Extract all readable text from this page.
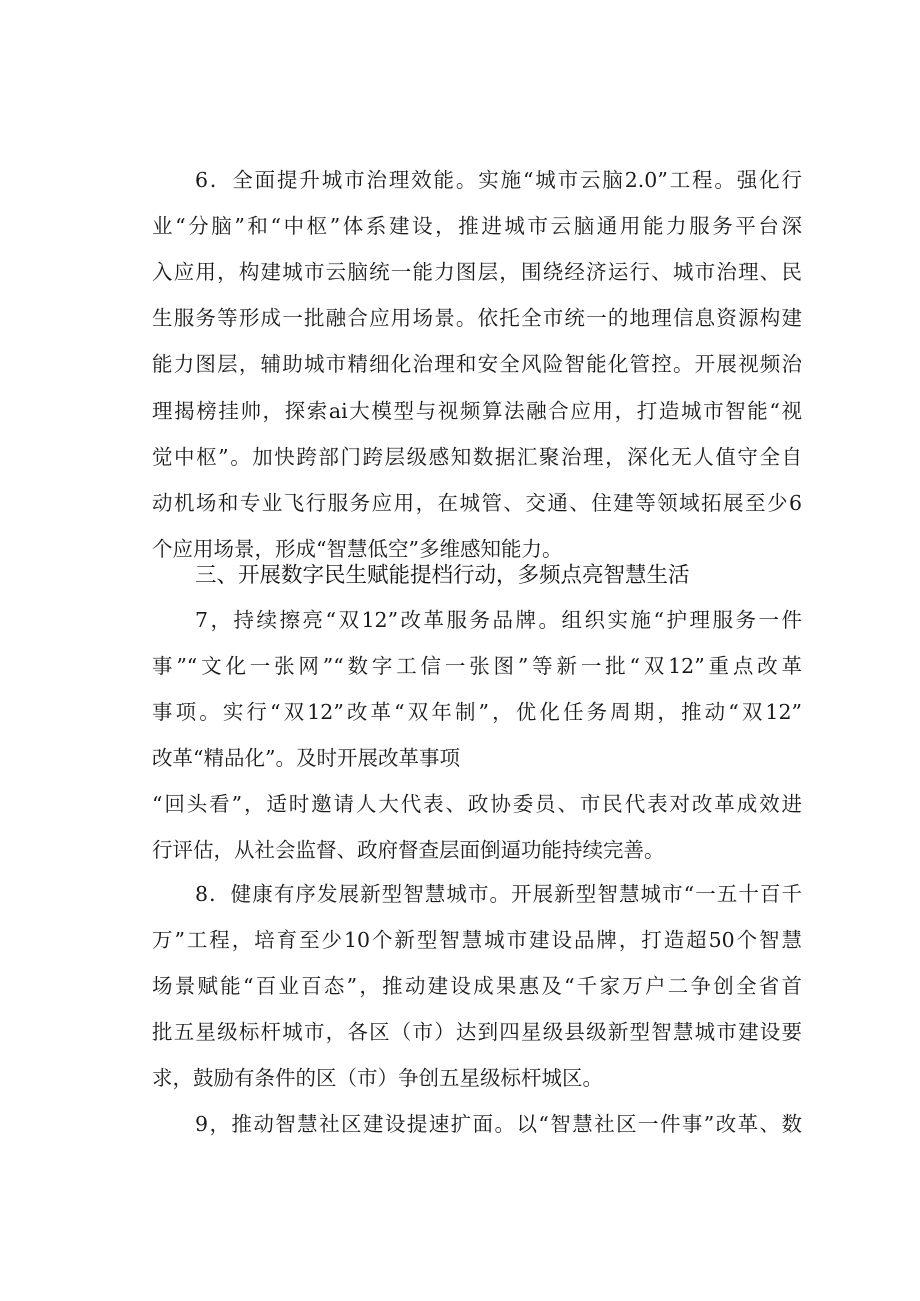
6．全面提升城市治理效能。实施“城市云脑2.0”工程。强化行
业“分脑”和“中枢”体系建设，推进城市云脑通用能力服务平台深
入应用，构建城市云脑统一能力图层，围绕经济运行、城市治理、民
生服务等形成一批融合应用场景。依托全市统一的地理信息资源构建
能力图层，辅助城市精细化治理和安全风险智能化管控。开展视频治
理揭榜挂帅，探索ai大模型与视频算法融合应用，打造城市智能“视
觉中枢”。加快跨部门跨层级感知数据汇聚治理，深化无人值守全自
动机场和专业飞行服务应用，在城管、交通、住建等领域拓展至少6
个应用场景，形成“智慧低空”多维感知能力。
三、开展数字民生赋能提档行动，多频点亮智慧生活
7，持续擦亮“双12”改革服务品牌。组织实施“护理服务一件
事”“文化一张网”“数字工信一张图”等新一批“双12”重点改革
事项。实行“双12”改革“双年制”，优化任务周期，推动“双12”
改革“精品化”。及时开展改革事项
“回头看”，适时邀请人大代表、政协委员、市民代表对改革成效进
行评估，从社会监督、政府督查层面倒逼功能持续完善。
8．健康有序发展新型智慧城市。开展新型智慧城市“一五十百千
万”工程，培育至少10个新型智慧城市建设品牌，打造超50个智慧
场景赋能“百业百态”，推动建设成果惠及“千家万户二争创全省首
批五星级标杆城市，各区（市）达到四星级县级新型智慧城市建设要
求，鼓励有条件的区（市）争创五星级标杆城区。
9，推动智慧社区建设提速扩面。以“智慧社区一件事”改革、数
